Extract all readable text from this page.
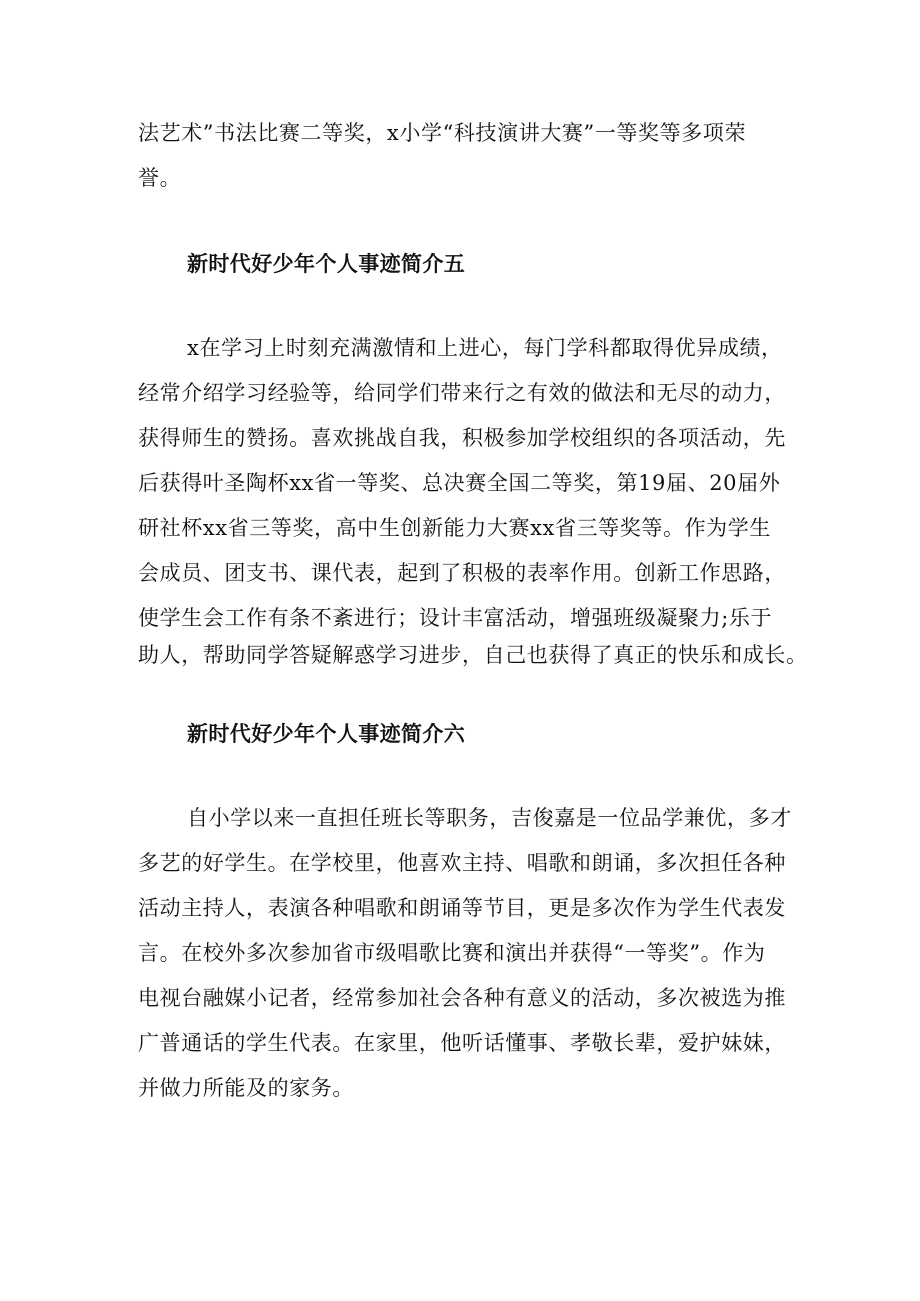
法艺术”书法比赛二等奖，x小学“科技演讲大赛”一等奖等多项荣

誉。

新时代好少年个人事迹简介五

x在学习上时刻充满激情和上进心，每门学科都取得优异成绩，

经常介绍学习经验等，给同学们带来行之有效的做法和无尽的动力，

获得师生的赞扬。喜欢挑战自我，积极参加学校组织的各项活动，先

后获得叶圣陶杯xx省一等奖、总决赛全国二等奖，第19届、20届外

研社杯xx省三等奖，高中生创新能力大赛xx省三等奖等。作为学生

会成员、团支书、课代表，起到了积极的表率作用。创新工作思路，

使学生会工作有条不紊进行；设计丰富活动，增强班级凝聚力;乐于

助人，帮助同学答疑解惑学习进步，自己也获得了真正的快乐和成长。

新时代好少年个人事迹简介六

自小学以来一直担任班长等职务，吉俊嘉是一位品学兼优，多才

多艺的好学生。在学校里，他喜欢主持、唱歌和朗诵，多次担任各种

活动主持人，表演各种唱歌和朗诵等节目，更是多次作为学生代表发

言。在校外多次参加省市级唱歌比赛和演出并获得“一等奖”。作为

电视台融媒小记者，经常参加社会各种有意义的活动，多次被选为推

广普通话的学生代表。在家里，他听话懂事、孝敬长辈，爱护妹妹，

并做力所能及的家务。
